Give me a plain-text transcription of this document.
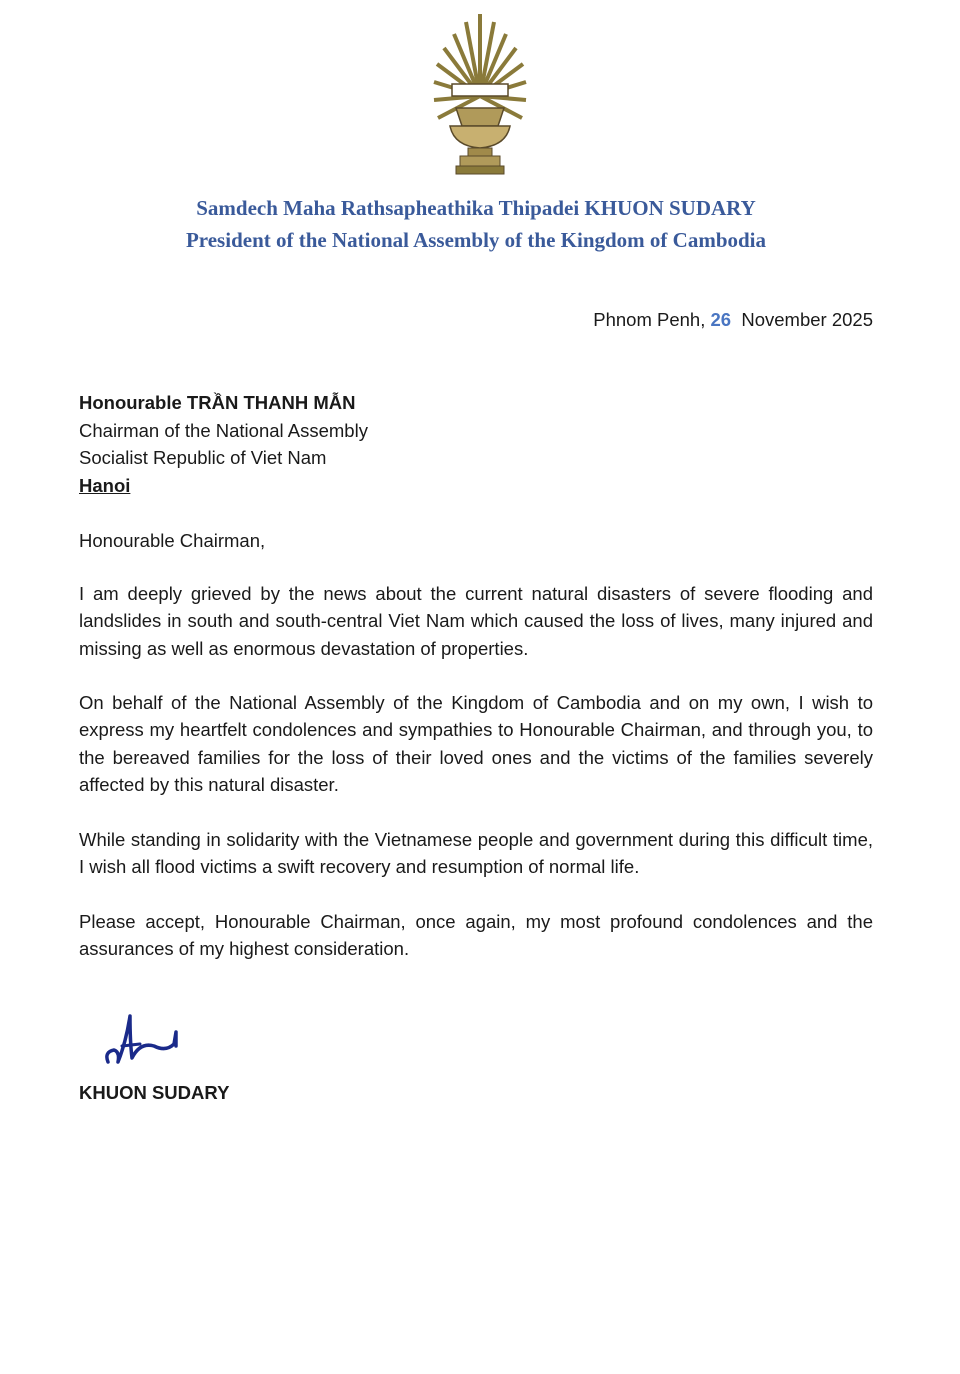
Samdech Maha Rathsapheathika Thipadei KHUON SUDARY
President of the National Assembly of the Kingdom of Cambodia
Phnom Penh, 26 November 2025
Honourable TRẦN THANH MẪN
Chairman of the National Assembly
Socialist Republic of Viet Nam
Hanoi
Honourable Chairman,
I am deeply grieved by the news about the current natural disasters of severe flooding and landslides in south and south-central Viet Nam which caused the loss of lives, many injured and missing as well as enormous devastation of properties.
On behalf of the National Assembly of the Kingdom of Cambodia and on my own, I wish to express my heartfelt condolences and sympathies to Honourable Chairman, and through you, to the bereaved families for the loss of their loved ones and the victims of the families severely affected by this natural disaster.
While standing in solidarity with the Vietnamese people and government during this difficult time, I wish all flood victims a swift recovery and resumption of normal life.
Please accept, Honourable Chairman, once again, my most profound condolences and the assurances of my highest consideration.
KHUON SUDARY
